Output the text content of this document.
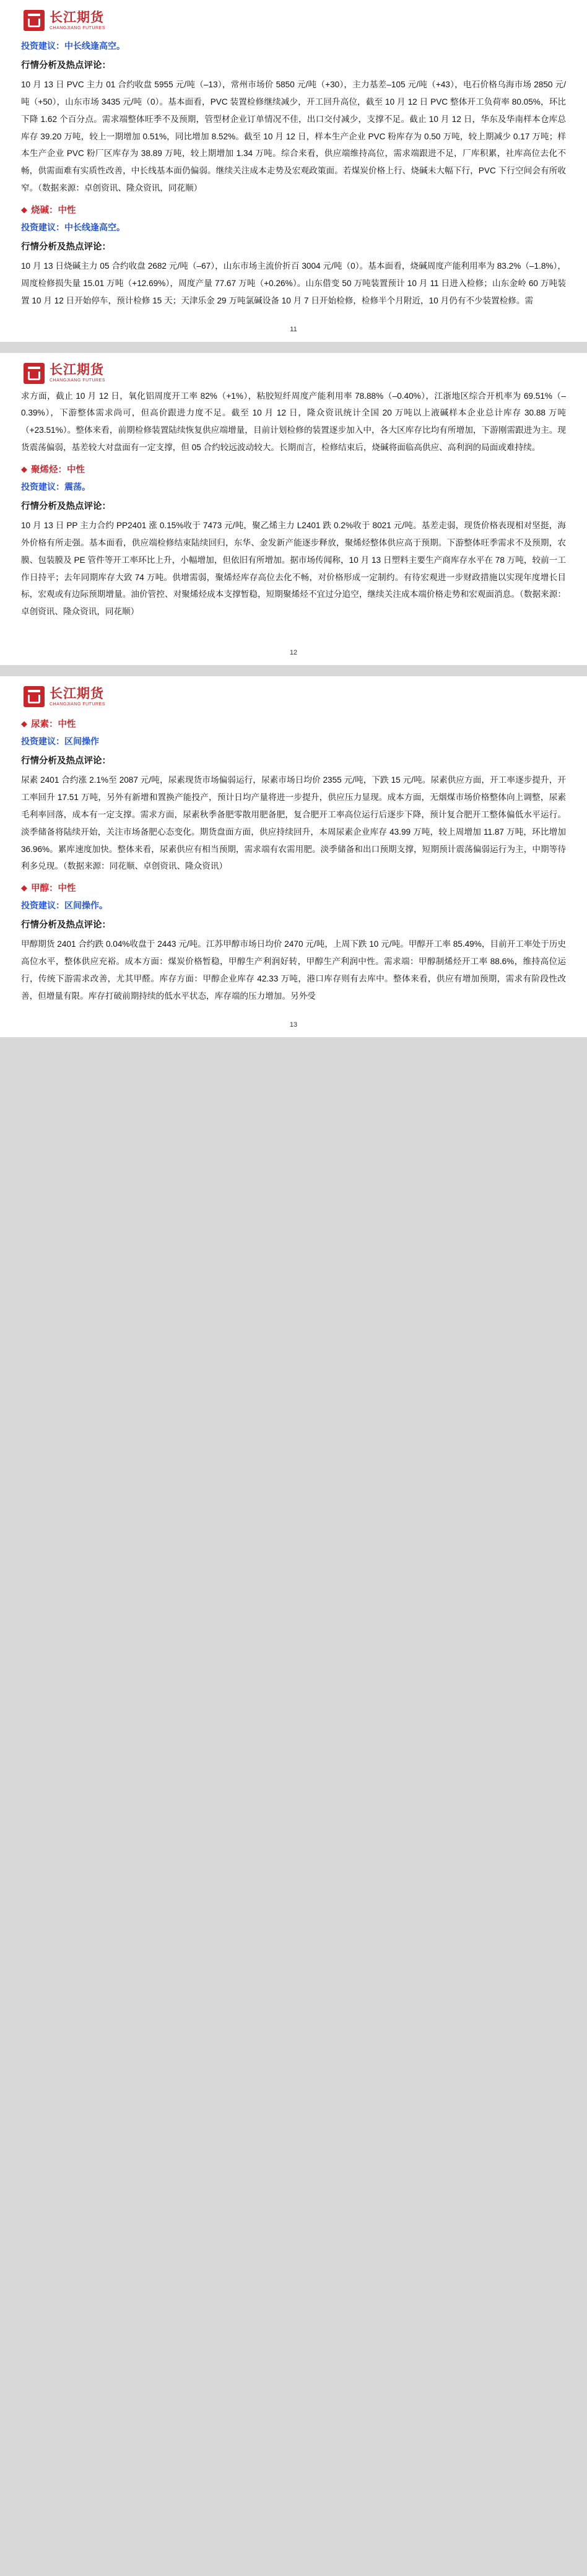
长江期货
CHANGJIANG FUTURES
投资建议：中长线逢高空。
行情分析及热点评论：

10 月 13 日 PVC 主力 01 合约收盘 5955 元/吨（–13），常州市场价 5850 元/吨（+30），主力基差–105 元/吨（+43），电石价格乌海市场 2850 元/吨（+50），山东市场 3435 元/吨（0）。基本面看，PVC 装置检修继续减少，开工回升高位，截至 10 月 12 日 PVC 整体开工负荷率 80.05%，环比下降 1.62 个百分点。需求端整体旺季不及预期，管型材企业订单情况不佳，出口交付减少，支撑不足。截止 10 月 12 日，华东及华南样本仓库总库存 39.20 万吨，较上一期增加 0.51%，同比增加 8.52%。截至 10 月 12 日，样本生产企业 PVC 粉库存为 0.50 万吨，较上期减少 0.17 万吨；样本生产企业 PVC 粉厂区库存为 38.89 万吨，较上期增加 1.34 万吨。综合来看，供应端维持高位，需求端跟进不足，厂库积累，社库高位去化不畅，供需面难有实质性改善，中长线基本面仍偏弱。继续关注成本走势及宏观政策面。若煤炭价格上行、烧碱未大幅下行，PVC 下行空间会有所收窄。（数据来源：卓创资讯、隆众资讯，同花顺）

◆ 烧碱：中性
投资建议：中长线逢高空。
行情分析及热点评论：

10 月 13 日烧碱主力 05 合约收盘 2682 元/吨（–67），山东市场主流价折百 3004 元/吨（0）。基本面看，烧碱周度产能利用率为 83.2%（–1.8%），周度检修损失量 15.01 万吨（+12.69%），周度产量 77.67 万吨（+0.26%）。山东借变 50 万吨装置预计 10 月 11 日进入检修；山东金岭 60 万吨装置 10 月 12 日开始停车，预计检修 15 天；天津乐金 29 万吨氯碱设备 10 月 7 日开始检修，检修半个月附近，10 月仍有不少装置检修。需

11
长江期货
CHANGJIANG FUTURES

求方面，截止 10 月 12 日，氧化铝周度开工率 82%（+1%），粘胶短纤周度产能利用率 78.88%（–0.40%），江浙地区综合开机率为 69.51%（–0.39%），下游整体需求尚可，但高价跟进力度不足。截至 10 月 12 日，隆众资讯统计全国 20 万吨以上液碱样本企业总计库存 30.88 万吨（+23.51%）。整体来看，前期检修装置陆续恢复供应端增量，目前计划检修的装置逐步加入中，各大区库存比均有所增加，下游刚需跟进为主。现货震荡偏弱，基差较大对盘面有一定支撑，但 05 合约较远波动较大。长期而言，检修结束后，烧碱将面临高供应、高利润的局面或难持续。

◆ 聚烯烃：中性
投资建议：震荡。
行情分析及热点评论：

10 月 13 日 PP 主力合约 PP2401 涨 0.15%收于 7473 元/吨，聚乙烯主力 L2401 跌 0.2%收于 8021 元/吨。基差走弱，现货价格表现相对坚挺，海外价格有所走强。基本面看，供应端检修结束陆续回归，东华、金发新产能逐步释放，聚烯烃整体供应高于预期。下游整体旺季需求不及预期，农膜、包装膜及 PE 管件等开工率环比上升，小幅增加，但依旧有所增加。据市场传闻称，10 月 13 日塑料主要生产商库存水平在 78 万吨，较前一工作日持平；去年同期库存大致 74 万吨。供增需弱，聚烯烃库存高位去化不畅，对价格形成一定制约。有待宏观进一步财政措施以实现年度增长目标，宏观或有边际预期增量。油价管控、对聚烯烃成本支撑暂稳，短期聚烯烃不宜过分追空，继续关注成本端价格走势和宏观面消息。（数据来源：卓创资讯、隆众资讯，同花顺）

12
长江期货
CHANGJIANG FUTURES
◆ 尿素：中性
投资建议：区间操作
行情分析及热点评论：

尿素 2401 合约涨 2.1%至 2087 元/吨，尿素现货市场偏弱运行，尿素市场日均价 2355 元/吨，下跌 15 元/吨。尿素供应方面，开工率逐步提升，开工率回升 17.51 万吨，另外有新增和置换产能投产，预计日均产量将进一步提升，供应压力显现。成本方面，无烟煤市场价格整体向上调整，尿素毛利率回落，成本有一定支撑。需求方面，尿素秋季备肥零散用肥备肥，复合肥开工率高位运行后逐步下降，预计复合肥开工整体偏低水平运行。淡季储备将陆续开始，关注市场备肥心态变化。期货盘面方面，供应持续回升，本周尿素企业库存 43.99 万吨，较上周增加 11.87 万吨，环比增加 36.96%。累库速度加快。整体来看，尿素供应有相当预期，需求端有农需用肥。淡季储备和出口预期支撑，短期预计震荡偏弱运行为主，中期等待利多兑现。（数据来源：同花顺、卓创资讯、隆众资讯）

◆ 甲醇：中性
投资建议：区间操作。
行情分析及热点评论：

甲醇期货 2401 合约跌 0.04%收盘于 2443 元/吨。江苏甲醇市场日均价 2470 元/吨，上周下跌 10 元/吨。甲醇开工率 85.49%，目前开工率处于历史高位水平，整体供应充裕。成本方面：煤炭价格暂稳，甲醇生产利润好转，甲醇生产利润中性。需求端：甲醇制烯烃开工率 88.6%，维持高位运行，传统下游需求改善，尤其甲醛。库存方面：甲醇企业库存 42.33 万吨，港口库存则有去库中。整体来看，供应有增加预期，需求有阶段性改善，但增量有限。库存打破前期持续的低水平状态，库存端的压力增加。另外受

13
